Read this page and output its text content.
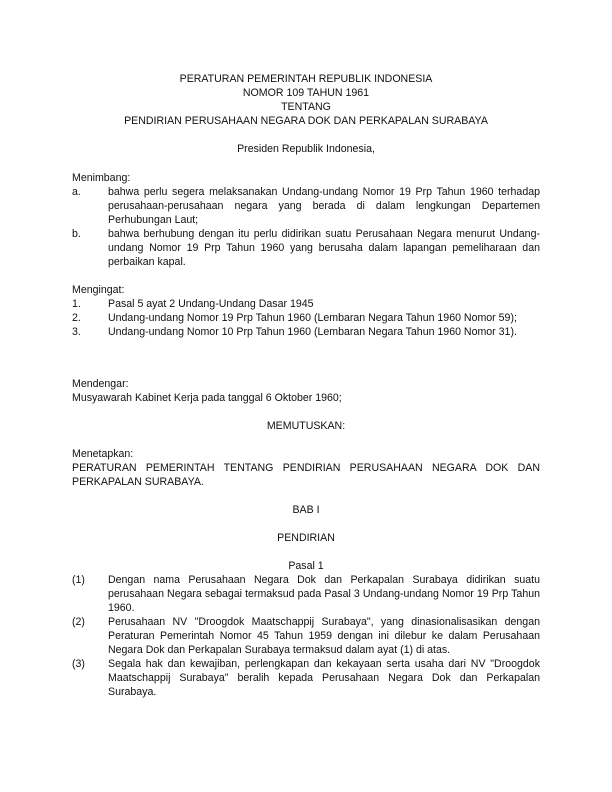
PERATURAN PEMERINTAH REPUBLIK INDONESIA
NOMOR 109 TAHUN 1961
TENTANG
PENDIRIAN PERUSAHAAN NEGARA DOK DAN PERKAPALAN SURABAYA
Presiden Republik Indonesia,
Menimbang:
a.	bahwa perlu segera melaksanakan Undang-undang Nomor 19 Prp Tahun 1960 terhadap perusahaan-perusahaan negara yang berada di dalam lengkungan Departemen Perhubungan Laut;
b.	bahwa berhubung dengan itu perlu didirikan suatu Perusahaan Negara menurut Undang-undang Nomor 19 Prp Tahun 1960 yang berusaha dalam lapangan pemeliharaan dan perbaikan kapal.
Mengingat:
1.	Pasal 5 ayat 2 Undang-Undang Dasar 1945
2.	Undang-undang Nomor 19 Prp Tahun 1960 (Lembaran Negara Tahun 1960 Nomor 59);
3.	Undang-undang Nomor 10 Prp Tahun 1960 (Lembaran Negara Tahun 1960 Nomor 31).
Mendengar:
Musyawarah Kabinet Kerja pada tanggal 6 Oktober 1960;
MEMUTUSKAN:
Menetapkan:
PERATURAN PEMERINTAH TENTANG PENDIRIAN PERUSAHAAN NEGARA DOK DAN PERKAPALAN SURABAYA.
BAB I
PENDIRIAN
Pasal 1
(1) Dengan nama Perusahaan Negara Dok dan Perkapalan Surabaya didirikan suatu perusahaan Negara sebagai termaksud pada Pasal 3 Undang-undang Nomor 19 Prp Tahun 1960.
(2) Perusahaan NV "Droogdok Maatschappij Surabaya", yang dinasionalisasikan dengan Peraturan Pemerintah Nomor 45 Tahun 1959 dengan ini dilebur ke dalam Perusahaan Negara Dok dan Perkapalan Surabaya termaksud dalam ayat (1) di atas.
(3) Segala hak dan kewajiban, perlengkapan dan kekayaan serta usaha dari NV "Droogdok Maatschappij Surabaya" beralih kepada Perusahaan Negara Dok dan Perkapalan Surabaya.
